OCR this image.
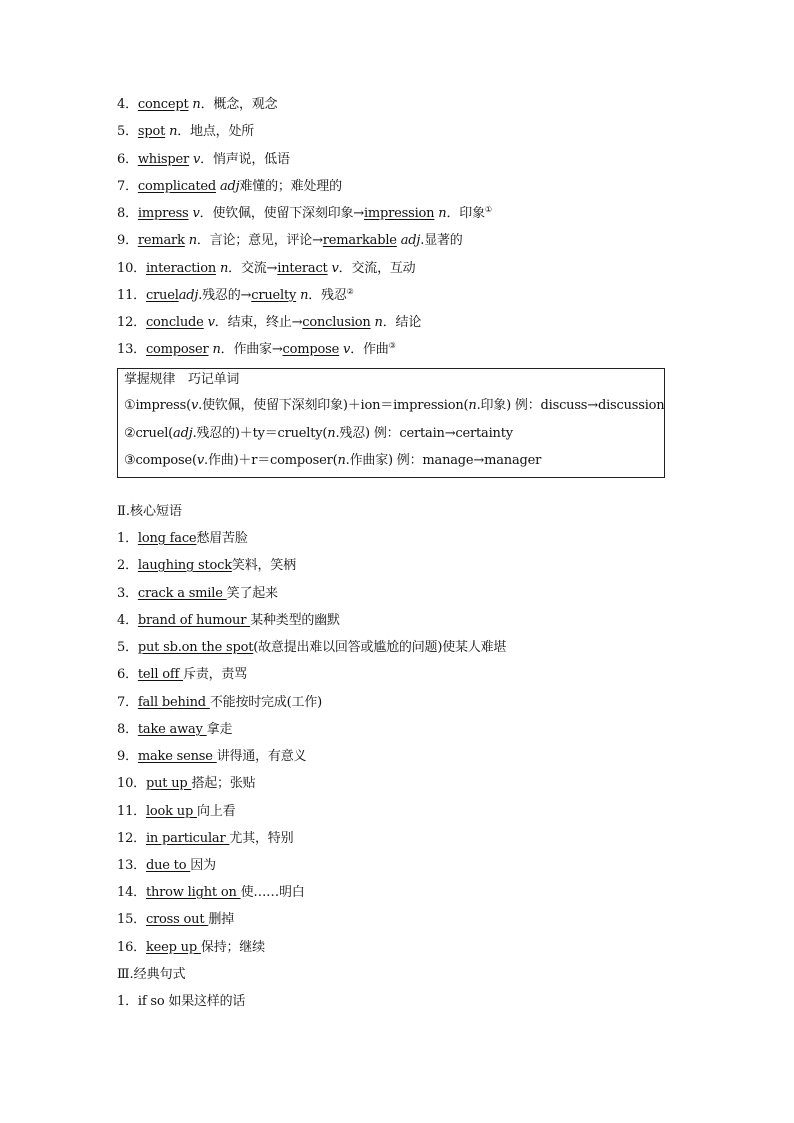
4．concept n．概念，观念
5．spot n．地点，处所
6．whisper v．悄声说，低语
7．complicated adj难懂的；难处理的
8．impress v．使钦佩，使留下深刻印象→impression n．印象①
9．remark n．言论；意见，评论→remarkable adj.显著的
10．interaction n．交流→interact v．交流，互动
11．crueladj.残忍的→cruelty n．残忍②
12．conclude v．结束，终止→conclusion n．结论
13．composer n．作曲家→compose v．作曲③
掌握规律　巧记单词
①impress(v.使钦佩，使留下深刻印象)＋ion＝impression(n.印象) 例：discuss→discussion
②cruel(adj.残忍的)＋ty＝cruelty(n.残忍) 例：certain→certainty
③compose(v.作曲)＋r＝composer(n.作曲家) 例：manage→manager
Ⅱ.核心短语
1．long face愁眉苦脸
2．laughing stock笑料，笑柄
3．crack a smile 笑了起来
4．brand of humour 某种类型的幽默
5．put sb.on the spot(故意提出难以回答或尴尬的问题)使某人难堪
6．tell off 斥责，责骂
7．fall behind 不能按时完成(工作)
8．take away 拿走
9．make sense 讲得通，有意义
10．put up 搭起；张贴
11．look up 向上看
12．in particular 尤其，特别
13．due to 因为
14．throw light on 使……明白
15．cross out 删掉
16．keep up 保持；继续
Ⅲ.经典句式
1．if so 如果这样的话
